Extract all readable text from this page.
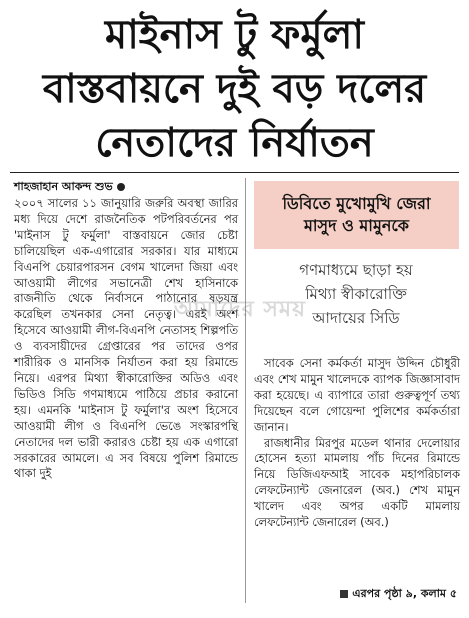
মাইনাস টু ফর্মুলা
বাস্তবায়নে দুই বড় দলের
নেতাদের নির্যাতন
শাহজাহান আকন্দ শুভ

২০০৭ সালের ১১ জানুয়ারি জরুরি অবস্থা জারির মধ্য দিয়ে দেশে রাজনৈতিক পটপরিবর্তনের পর 'মাইনাস টু ফর্মুলা' বাস্তবায়নে জোর চেষ্টা চালিয়েছিল এক-এগারোর সরকার। যার মাধ্যমে বিএনপি চেয়ারপারসন বেগম খালেদা জিয়া এবং আওয়ামী লীগের সভানেত্রী শেখ হাসিনাকে রাজনীতি থেকে নির্বাসনে পাঠানোর ষড়যন্ত্র করেছিল তখনকার সেনা নেতৃত্ব। এরই অংশ হিসেবে আওয়ামী লীগ-বিএনপি নেতাসহ শিল্পপতি ও ব্যবসায়ীদের গ্রেপ্তারের পর তাদের ওপর শারীরিক ও মানসিক নির্যাতন করা হয় রিমান্ডে নিয়ে। এরপর মিথ্যা স্বীকারোক্তির অডিও এবং ভিডিও সিডি গণমাধ্যমে পাঠিয়ে প্রচার করানো হয়। এমনকি 'মাইনাস টু ফর্মুলা'র অংশ হিসেবে আওয়ামী লীগ ও বিএনপি ভেঙে সংস্কারপন্থি নেতাদের দল ভারী করারও চেষ্টা হয় এক এগারো সরকারের আমলে। এ সব বিষয়ে পুলিশ রিমান্ডে থাকা দুই

ডিবিতে মুখোমুখি জেরা
মাসুদ ও মামুনকে
গণমাধ্যমে ছাড়া হয়
মিথ্যা স্বীকারোক্তি
আদায়ের সিডি
আমাদের সময়

সাবেক সেনা কর্মকর্তা মাসুদ উদ্দিন চৌধুরী এবং শেখ মামুন খালেদকে ব্যাপক জিজ্ঞাসাবাদ করা হয়েছে। এ ব্যাপারে তারা গুরুত্বপূর্ণ তথ্য দিয়েছেন বলে গোয়েন্দা পুলিশের কর্মকর্তারা জানান।

রাজধানীর মিরপুর মডেল থানার দেলোয়ার হোসেন হত্যা মামলায় পাঁচ দিনের রিমান্ডে নিয়ে ডিজিএফআই সাবেক মহাপরিচালক লেফটেন্যান্ট জেনারেল (অব.) শেখ মামুন খালেদ এবং অপর একটি মামলায় লেফটেন্যান্ট জেনারেল (অব.)

এরপর পৃষ্ঠা ৯, কলাম ৫
